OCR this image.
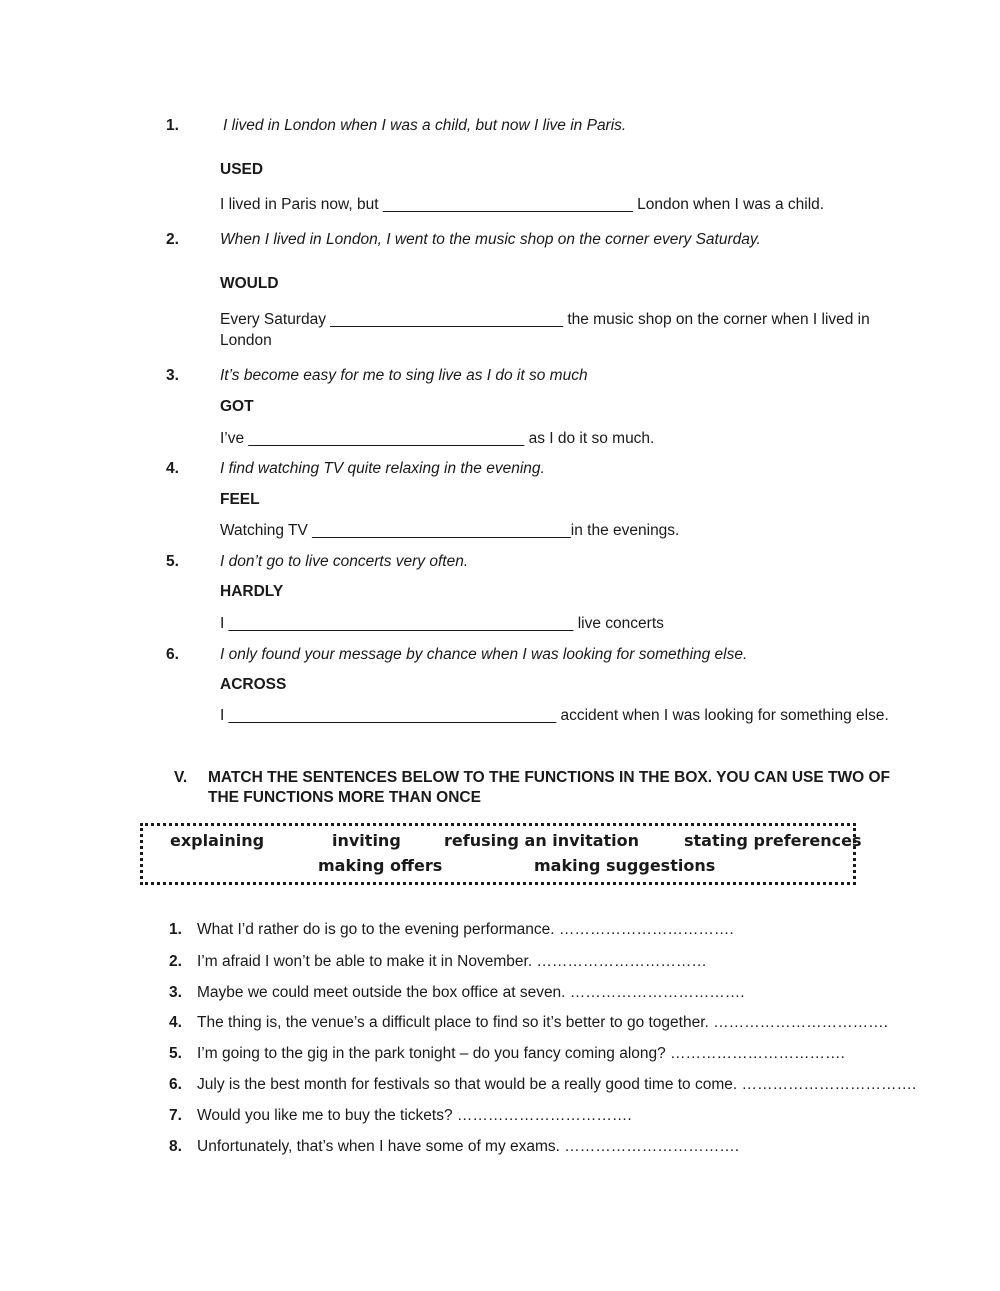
1.	I lived in London when I was a child, but now I live in Paris.
USED
I lived in Paris now, but _____________________________ London when I was a child.
2.	When I lived in London, I went to the music shop on the corner every Saturday.
WOULD
Every Saturday ___________________________ the music shop on the corner when I lived in
London
3.	It’s become easy for me to sing live as I do it so much
GOT
I’ve ________________________________ as I do it so much.
4.	I find watching TV quite relaxing in the evening.
FEEL
Watching TV ______________________________in the evenings.
5.	I don’t go to live concerts very often.
HARDLY
I ________________________________________ live concerts
6.	I only found your message by chance when I was looking for something else.
ACROSS
I ______________________________________ accident when I was looking for something else.
V. MATCH THE SENTENCES BELOW TO THE FUNCTIONS IN THE BOX. YOU CAN USE TWO OF
THE FUNCTIONS MORE THAN ONCE
explaining	inviting	refusing an invitation	stating preferences
making offers	making suggestions
1. What I’d rather do is go to the evening performance. …………………………….
2. I’m afraid I won’t be able to make it in November. ……………………………
3. Maybe we could meet outside the box office at seven. …………………………….
4. The thing is, the venue’s a difficult place to find so it’s better to go together. …………………………….
5. I’m going to the gig in the park tonight – do you fancy coming along? …………………………….
6. July is the best month for festivals so that would be a really good time to come. …………………………….
7. Would you like me to buy the tickets? …………………………….
8. Unfortunately, that’s when I have some of my exams. …………………………….
